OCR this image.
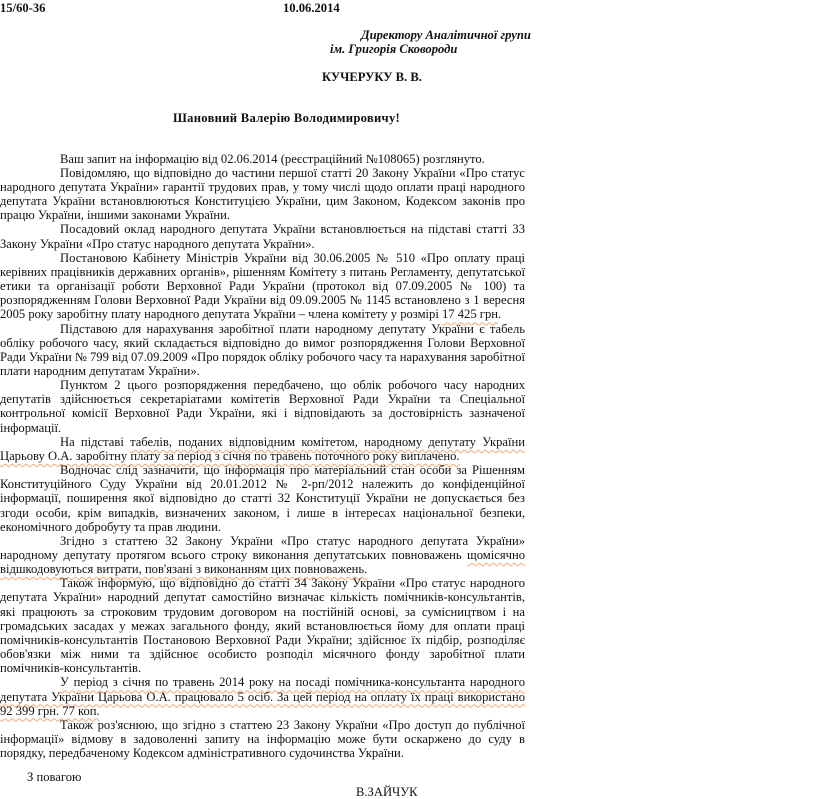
15/60-36	10.06.2014
Директору Аналітичної групи
ім. Григорія Сковороди
КУЧЕРУКУ В. В.
Шановний Валерію Володимировичу!

Ваш запит на інформацію від 02.06.2014 (реєстраційний №108065) розглянуто.

Повідомляю, що відповідно до частини першої статті 20 Закону України «Про статус народного депутата України» гарантії трудових прав, у тому числі щодо оплати праці народного депутата України встановлюються Конституцією України, цим Законом, Кодексом законів про працю України, іншими законами України.

Посадовий оклад народного депутата України встановлюється на підставі статті 33 Закону України «Про статус народного депутата України».

Постановою Кабінету Міністрів України від 30.06.2005 № 510 «Про оплату праці керівних працівників державних органів», рішенням Комітету з питань Регламенту, депутатської етики та організації роботи Верховної Ради України (протокол від 07.09.2005 № 100) та розпорядженням Голови Верховної Ради України від 09.09.2005 № 1145 встановлено з 1 вересня 2005 року заробітну плату народного депутата України – члена комітету у розмірі 17 425 грн.

Підставою для нарахування заробітної плати народному депутату України є табель обліку робочого часу, який складається відповідно до вимог розпорядження Голови Верховної Ради України № 799 від 07.09.2009 «Про порядок обліку робочого часу та нарахування заробітної плати народним депутатам України».

Пунктом 2 цього розпорядження передбачено, що облік робочого часу народних депутатів здійснюється секретаріатами комітетів Верховної Ради України та Спеціальної контрольної комісії Верховної Ради України, які і відповідають за достовірність зазначеної інформації.

На підставі табелів, поданих відповідним комітетом, народному депутату України Царьову О.А. заробітну плату за період з січня по травень поточного року виплачено.

Водночас слід зазначити, що інформація про матеріальний стан особи за Рішенням Конституційного Суду України від 20.01.2012 № 2-рп/2012 належить до конфіденційної інформації, поширення якої відповідно до статті 32 Конституції України не допускається без згоди особи, крім випадків, визначених законом, і лише в інтересах національної безпеки, економічного добробуту та прав людини.

Згідно з статтею 32 Закону України «Про статус народного депутата України» народному депутату протягом всього строку виконання депутатських повноважень щомісячно відшкодовуються витрати, пов'язані з виконанням цих повноважень.

Також інформую, що відповідно до статті 34 Закону України «Про статус народного депутата України» народний депутат самостійно визначає кількість помічників-консультантів, які працюють за строковим трудовим договором на постійній основі, за сумісництвом і на громадських засадах у межах загального фонду, який встановлюється йому для оплати праці помічників-консультантів Постановою Верховної Ради України; здійснює їх підбір, розподіляє обов'язки між ними та здійснює особисто розподіл місячного фонду заробітної плати помічників-консультантів.

У період з січня по травень 2014 року на посаді помічника-консультанта народного депутата України Царьова О.А. працювало 5 осіб. За цей період на оплату їх праці використано 92 399 грн. 77 коп.

Також роз'яснюю, що згідно з статтею 23 Закону України «Про доступ до публічної інформації» відмову в задоволенні запиту на інформацію може бути оскаржено до суду в порядку, передбаченому Кодексом адміністративного судочинства України.

З повагою
В.ЗАЙЧУК
